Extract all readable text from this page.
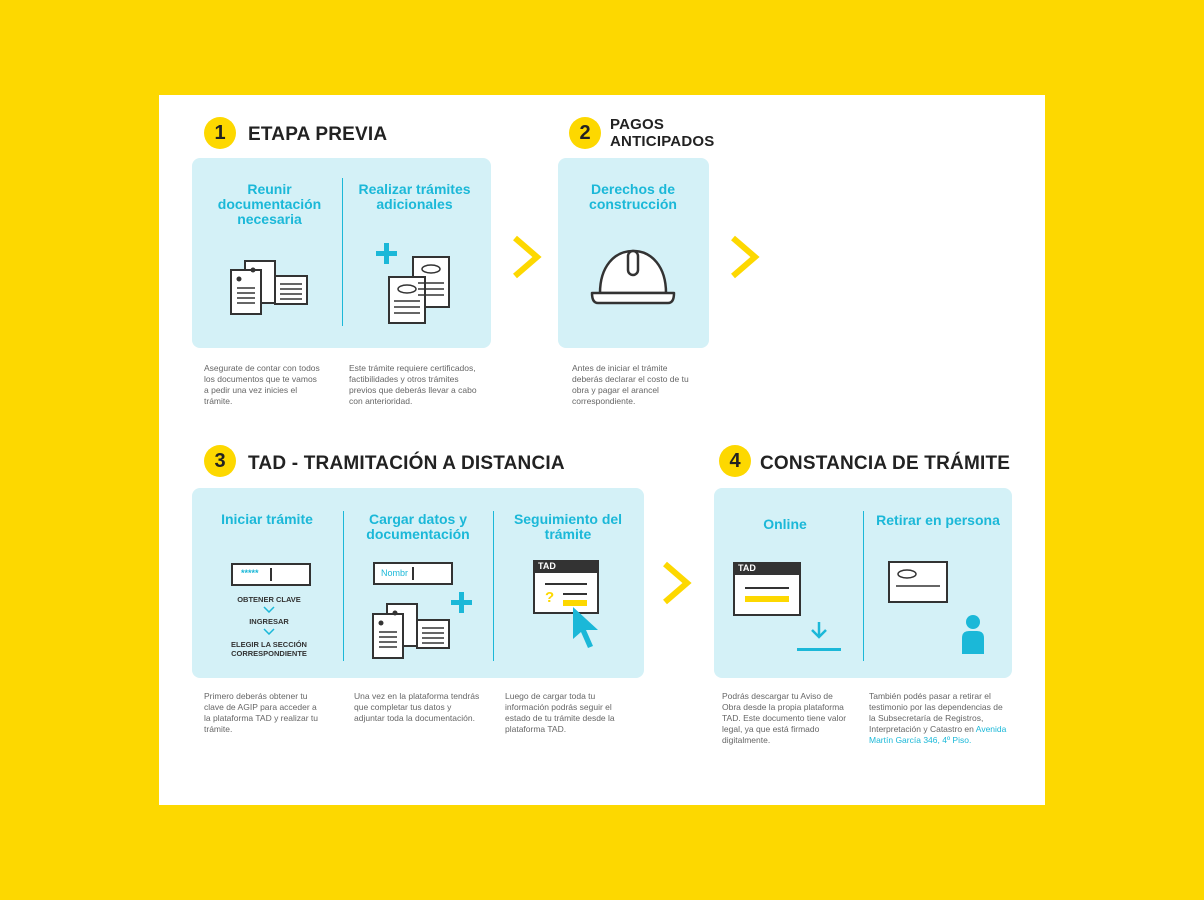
1	ETAPA PREVIA
Reunir documentación necesaria
Realizar trámites adicionales
Asegurate de contar con todos los documentos que te vamos a pedir una vez inicies el trámite.
Este trámite requiere certificados, factibilidades y otros trámites previos que deberás llevar a cabo con anterioridad.
2	PAGOS
ANTICIPADOS
Derechos de construcción
Antes de iniciar el trámite deberás declarar el costo de tu obra y pagar el arancel correspondiente.
3	TAD - TRAMITACIÓN A DISTANCIA
Iniciar trámite	Cargar datos y documentación
Seguimiento del trámite
*****
OBTENER CLAVE
INGRESAR
ELEGIR LA SECCIÓN CORRESPONDIENTE
Nombr
TAD
?
Primero deberás obtener tu clave de AGIP para acceder a la plataforma TAD y realizar tu trámite.
Una vez en la plataforma tendrás que completar tus datos y adjuntar toda la documentación.
Luego de cargar toda tu información podrás seguir el estado de tu trámite desde la plataforma TAD.
4	CONSTANCIA DE TRÁMITE
Online	Retirar en persona
TAD
Podrás descargar tu Aviso de Obra desde la propia plataforma TAD. Este documento tiene valor legal, ya que está firmado digitalmente.
También podés pasar a retirar el testimonio por las dependencias de la Subsecretaría de Registros, Interpretación y Catastro en Avenida Martín García 346, 4º Piso.
